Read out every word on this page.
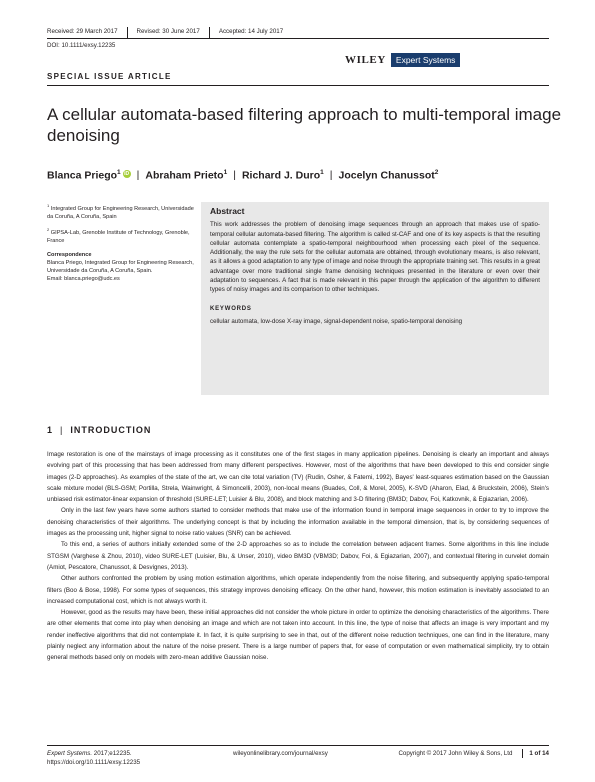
Received: 29 March 2017	Revised: 30 June 2017	Accepted: 14 July 2017
DOI: 10.1111/exsy.12235
WILEY	Expert Systems
SPECIAL ISSUE ARTICLE
A cellular automata-based filtering approach to multi-temporal image denoising
Blanca Priego$^1$ iD | Abraham Prieto$^1$ | Richard J. Duro$^1$ | Jocelyn Chanussot$^2$

$^1$ Integrated Group for Engineering Research, Universidade da Coruña, A Coruña, Spain

$^2$ GIPSA-Lab, Grenoble Institute of Technology, Grenoble, France

Correspondence

Blanca Priego, Integrated Group for Engineering Research, Universidade da Coruña, A Coruña, Spain.

Email: blanca.priego@udc.es

Abstract

This work addresses the problem of denoising image sequences through an approach that makes use of spatio-temporal cellular automata-based filtering. The algorithm is called st-CAF and one of its key aspects is that the resulting cellular automata contemplate a spatio-temporal neighbourhood when processing each pixel of the sequence. Additionally, the way the rule sets for the cellular automata are obtained, through evolutionary means, is also relevant, as it allows a good adaptation to any type of image and noise through the appropriate training set. This results in a great advantage over more traditional single frame denoising techniques presented in the literature or even over their adaptation to sequences. A fact that is made relevant in this paper through the application of the algorithm to different types of noisy images and its comparison to other techniques.

KEYWORDS

cellular automata, low-dose X-ray image, signal-dependent noise, spatio-temporal denoising

1 | INTRODUCTION

Image restoration is one of the mainstays of image processing as it constitutes one of the first stages in many application pipelines. Denoising is clearly an important and always evolving part of this processing that has been addressed from many different perspectives. However, most of the algorithms that have been developed to this end consider single images (2-D approaches). As examples of the state of the art, we can cite total variation (TV) (Rudin, Osher, & Fatemi, 1992), Bayes' least-squares estimation based on the Gaussian scale mixture model (BLS-GSM; Portilla, Strela, Wainwright, & Simoncelli, 2003), non-local means (Buades, Coll, & Morel, 2005), K-SVD (Aharon, Elad, & Bruckstein, 2006), Stein's unbiased risk estimator-linear expansion of threshold (SURE-LET; Luisier & Blu, 2008), and block matching and 3-D filtering (BM3D; Dabov, Foi, Katkovnik, & Egiazarian, 2006).

Only in the last few years have some authors started to consider methods that make use of the information found in temporal image sequences in order to try to improve the denoising characteristics of their algorithms. The underlying concept is that by including the information available in the temporal dimension, that is, by considering sequences of images as the processing unit, higher signal to noise ratio values (SNR) can be achieved.

To this end, a series of authors initially extended some of the 2-D approaches so as to include the correlation between adjacent frames. Some algorithms in this line include STGSM (Varghese & Zhou, 2010), video SURE-LET (Luisier, Blu, & Unser, 2010), video BM3D (VBM3D; Dabov, Foi, & Egiazarian, 2007), and contextual filtering in curvelet domain (Amiot, Pescatore, Chanussot, & Desvignes, 2013).

Other authors confronted the problem by using motion estimation algorithms, which operate independently from the noise filtering, and subsequently applying spatio-temporal filters (Boo & Bose, 1998). For some types of sequences, this strategy improves denoising efficacy. On the other hand, however, this motion estimation is inevitably associated to an increased computational cost, which is not always worth it.

However, good as the results may have been, these initial approaches did not consider the whole picture in order to optimize the denoising characteristics of the algorithms. There are other elements that come into play when denoising an image and which are not taken into account. In this line, the type of noise that affects an image is very important and my render ineffective algorithms that did not contemplate it. In fact, it is quite surprising to see in that, out of the different noise reduction techniques, one can find in the literature, many plainly neglect any information about the nature of the noise present. There is a large number of papers that, for ease of computation or even mathematical simplicity, try to obtain general methods based only on models with zero-mean additive Gaussian noise.

Expert Systems. 2017;e12235.
https://doi.org/10.1111/exsy.12235
wileyonlinelibrary.com/journal/exsy	Copyright © 2017 John Wiley & Sons, Ltd	1 of 14
